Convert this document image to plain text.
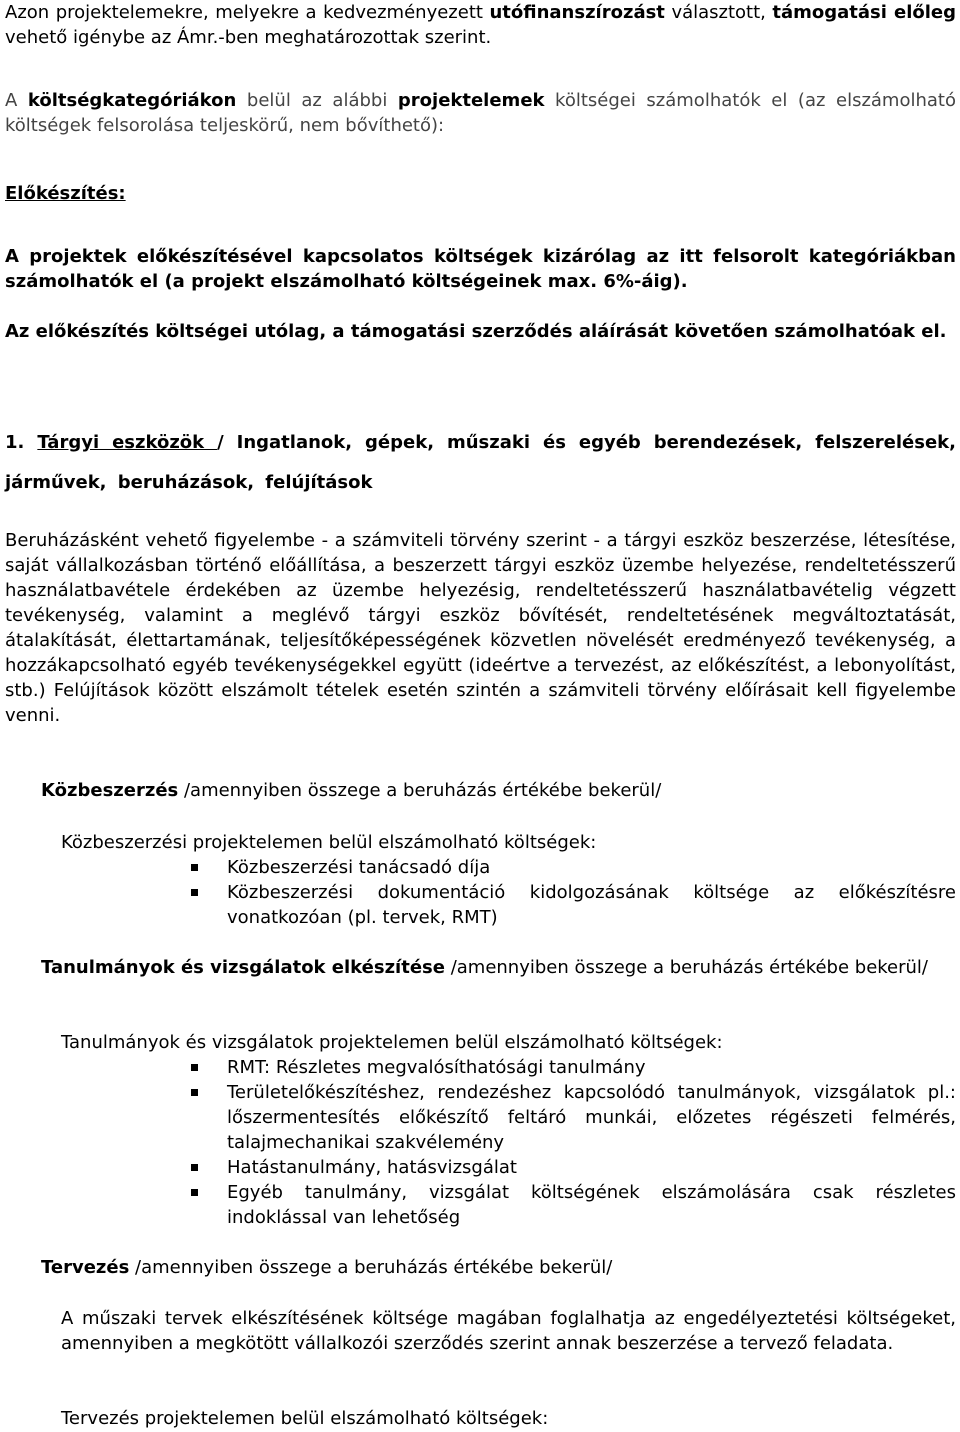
Azon projektelemekre, melyekre a kedvezményezett utófinanszírozást választott, támogatási előleg vehető igénybe az Ámr.-ben meghatározottak szerint.

A költségkategóriákon belül az alábbi projektelemek költségei számolhatók el (az elszámolható költségek felsorolása teljeskörű, nem bővíthető):

Előkészítés:

A projektek előkészítésével kapcsolatos költségek kizárólag az itt felsorolt kategóriákban számolhatók el (a projekt elszámolható költségeinek max. 6%-áig).

Az előkészítés költségei utólag, a támogatási szerződés aláírását követően számolhatóak el.

1. Tárgyi eszközök / Ingatlanok, gépek, műszaki és egyéb berendezések, felszerelések, járművek, beruházások, felújítások

Beruházásként vehető figyelembe - a számviteli törvény szerint - a tárgyi eszköz beszerzése, létesítése, saját vállalkozásban történő előállítása, a beszerzett tárgyi eszköz üzembe helyezése, rendeltetésszerű használatbavétele érdekében az üzembe helyezésig, rendeltetésszerű használatbavételig végzett tevékenység, valamint a meglévő tárgyi eszköz bővítését, rendeltetésének megváltoztatását, átalakítását, élettartamának, teljesítőképességének közvetlen növelését eredményező tevékenység, a hozzákapcsolható egyéb tevékenységekkel együtt (ideértve a tervezést, az előkészítést, a lebonyolítást, stb.) Felújítások között elszámolt tételek esetén szintén a számviteli törvény előírásait kell figyelembe venni.

Közbeszerzés /amennyiben összege a beruházás értékébe bekerül/

Közbeszerzési projektelemen belül elszámolható költségek:

Közbeszerzési tanácsadó díja
Közbeszerzési dokumentáció kidolgozásának költsége az előkészítésre vonatkozóan (pl. tervek, RMT)
Tanulmányok és vizsgálatok elkészítése /amennyiben összege a beruházás értékébe bekerül/

Tanulmányok és vizsgálatok projektelemen belül elszámolható költségek:

RMT: Részletes megvalósíthatósági tanulmány
Területelőkészítéshez, rendezéshez kapcsolódó tanulmányok, vizsgálatok pl.: lőszermentesítés előkészítő feltáró munkái, előzetes régészeti felmérés, talajmechanikai szakvélemény
Hatástanulmány, hatásvizsgálat
Egyéb tanulmány, vizsgálat költségének elszámolására csak részletes indoklással van lehetőség
Tervezés /amennyiben összege a beruházás értékébe bekerül/

A műszaki tervek elkészítésének költsége magában foglalhatja az engedélyeztetési költségeket, amennyiben a megkötött vállalkozói szerződés szerint annak beszerzése a tervező feladata.

Tervezés projektelemen belül elszámolható költségek:
